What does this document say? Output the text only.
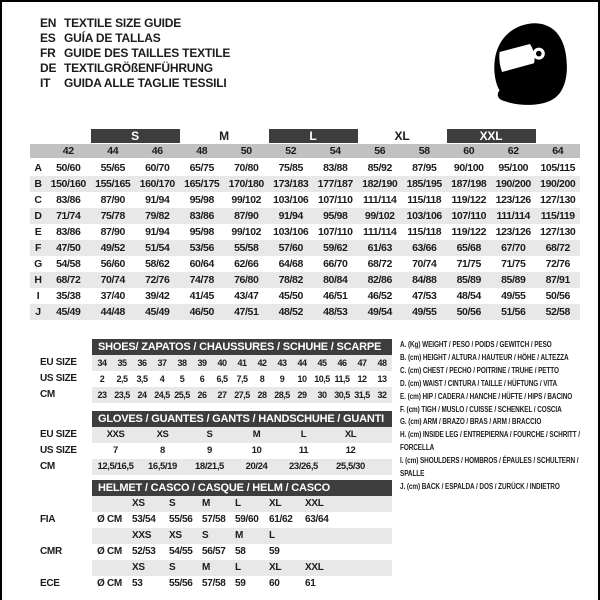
EN TEXTILE SIZE GUIDE
ES GUÍA DE TALLAS
FR GUIDE DES TAILLES TEXTILE
DE TEXTILGRÖßENFÜHRUNG
IT	GUIDA ALLE TAGLIE TESSILI
S	M	L	XL	XXL
42	44	46	48	50	52	54	56	58	60	62	64
A	50/60	55/65	60/70	65/75	70/80	75/85	83/88	85/92	87/95	90/100	95/100	105/115
B 150/160 155/165 160/170 165/175 170/180 173/183 177/187 182/190 185/195 187/198 190/200 190/200
C	83/86	87/90	91/94	95/98	99/102	103/106 107/110	111/114	115/118 119/122 123/126 127/130
D	71/74	75/78	79/82	83/86	87/90	91/94	95/98	99/102	103/106 107/110	111/114	115/119
E	83/86	87/90	91/94	95/98	99/102	103/106 107/110	111/114	115/118 119/122 123/126 127/130
F	47/50	49/52	51/54	53/56	55/58	57/60	59/62	61/63	63/66	65/68	67/70	68/72
G	54/58	56/60	58/62	60/64	62/66	64/68	66/70	68/72	70/74	71/75	71/75	72/76
H	68/72	70/74	72/76	74/78	76/80	78/82	80/84	82/86	84/88	85/89	85/89	87/91
I	35/38	37/40	39/42	41/45	43/47	45/50	46/51	46/52	47/53	48/54	49/55	50/56
J	45/49	44/48	45/49	46/50	47/51	48/52	48/53	49/54	49/55	50/56	51/56	52/58
SHOES/ ZAPATOS / CHAUSSURES / SCHUHE / SCARPE
EU SIZE	34	35	36	37	38	39	40	41	42	43	44	45	46	47	48
US SIZE	2	2,5 3,5	4	5	6	6,5 7,5	8	9	10 10,5 11,5 12	13
CM	23 23,5 24 24,5 25,5 26	27 27,5 28 28,5 29	30 30,5 31,5 32
GLOVES / GUANTES / GANTS / HANDSCHUHE / GUANTI
EU SIZE	XXS	XS	S	M	L	XL
US SIZE	7	8	9	10	11	12
CM	12,5/16,5	16,5/19	18/21,5	20/24	23/26,5	25,5/30
HELMET / CASCO / CASQUE / HELM / CASCO
XS	S	M	L	XL	XXL
FIA	Ø CM	53/54	55/56 57/58 59/60	61/62	63/64
XXS	XS	S	M	L
CMR	Ø CM	52/53	54/55 56/57 58	59
XS	S	M	L	XL	XXL
ECE	Ø CM	53	55/56 57/58 59	60	61
A. (Kg) WEIGHT / PESO / POIDS / GEWITCH / PESO
B. (cm) HEIGHT / ALTURA / HAUTEUR / HÖHE / ALTEZZA
C. (cm) CHEST / PECHO / POITRINE / TRUHE / PETTO
D. (cm) WAIST / CINTURA / TAILLE / HÜFTUNG / VITA
E. (cm) HIP / CADERA / HANCHE / HÜFTE / HIPS / BACINO
F. (cm) TIGH / MUSLO / CUISSE / SCHENKEL / COSCIA
G. (cm) ARM / BRAZO / BRAS / ARM / BRACCIO
H. (cm) INSIDE LEG / ENTREPIERNA / FOURCHE / SCHRITT / FORCELLA
I. (cm) SHOULDERS / HOMBROS / ÉPAULES / SCHULTERN / SPALLE
J. (cm) BACK / ESPALDA / DOS / ZURÜCK / INDIETRO
